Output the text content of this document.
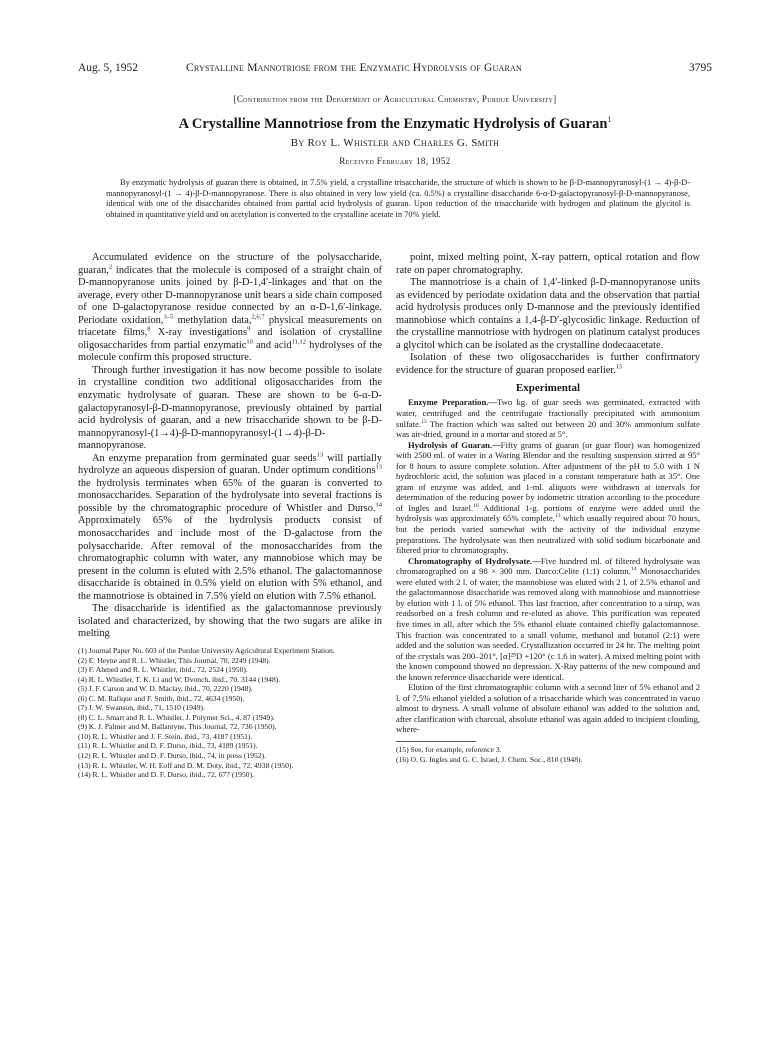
Aug. 5, 1952	Crystalline Mannotriose from the Enzymatic Hydrolysis of Guaran	3795
[Contribution from the Department of Agricultural Chemistry, Purdue University]
A Crystalline Mannotriose from the Enzymatic Hydrolysis of Guaran$^1$
By Roy L. Whistler and Charles G. Smith
Received February 18, 1952

By enzymatic hydrolysis of guaran there is obtained, in 7.5% yield, a crystalline trisaccharide, the structure of which is shown to be β-D-mannopyranosyl-(1 → 4)-β-D-mannopyranosyl-(1 → 4)-β-D-mannopyranose. There is also obtained in very low yield (ca. 0.5%) a crystalline disaccharide 6-α-D-galactopyranosyl-β-D-mannopyranose, identical with one of the disaccharides obtained from partial acid hydrolysis of guaran. Upon reduction of the trisaccharide with hydrogen and platinum the glycitol is obtained in quantitative yield and on acetylation is converted to the crystalline acetate in 70% yield.

Accumulated evidence on the structure of the polysaccharide, guaran,$^2$ indicates that the molecule is composed of a straight chain of D-mannopyranose units joined by β-D-1,4′-linkages and that on the average, every other D-mannopyranose unit bears a side chain composed of one D-galactopyranose residue connected by an α-D-1,6′-linkage. Periodate oxidation,$^{3-5}$ methylation data,$^{2,6,7}$ physical measurements on triacetate films,$^8$ X-ray investigations$^9$ and isolation of crystalline oligosaccharides from partial enzymatic$^{10}$ and acid$^{11,12}$ hydrolyses of the molecule confirm this proposed structure.

Through further investigation it has now become possible to isolate in crystalline condition two additional oligosaccharides from the enzymatic hydrolysate of guaran. These are shown to be 6-α-D-galactopyranosyl-β-D-mannopyranose, previously obtained by partial acid hydrolysis of guaran, and a new trisaccharide shown to be β-D-mannopyranosyl-(1→4)-β-D-mannopyranosyl-(1→4)-β-D-mannopyranose.

An enzyme preparation from germinated guar seeds$^{13}$ will partially hydrolyze an aqueous dispersion of guaran. Under optimum conditions$^{13}$ the hydrolysis terminates when 65% of the guaran is converted to monosaccharides. Separation of the hydrolysate into several fractions is possible by the chromatographic procedure of Whistler and Durso.$^{14}$ Approximately 65% of the hydrolysis products consist of monosaccharides and include most of the D-galactose from the polysaccharide. After removal of the monosaccharides from the chromatographic column with water, any mannobiose which may be present in the column is eluted with 2.5% ethanol. The galactomannose disaccharide is obtained in 0.5% yield on elution with 5% ethanol, and the mannotriose is obtained in 7.5% yield on elution with 7.5% ethanol.

The disaccharide is identified as the galactomannose previously isolated and characterized, by showing that the two sugars are alike in melting

(1) Journal Paper No. 603 of the Purdue University Agricultural Experiment Station.
(2) E. Heyne and R. L. Whistler, This Journal, 70, 2249 (1948).
(3) F. Ahmed and R. L. Whistler, ibid., 72, 2524 (1950).
(4) R. L. Whistler, T. K. Li and W. Dvonch, ibid., 70, 3144 (1948).
(5) J. F. Carson and W. D. Maclay, ibid., 70, 2220 (1948).
(6) C. M. Rafique and F. Smith, ibid., 72, 4634 (1950).
(7) J. W. Swanson, ibid., 71, 1510 (1949).
(8) C. L. Smart and R. L. Whistler, J. Polymer Sci., 4, 87 (1949).
(9) K. J. Palmer and M. Ballantyne, This Journal, 72, 736 (1950).
(10) R. L. Whistler and J. F. Stein, ibid., 73, 4187 (1951).
(11) R. L. Whistler and D. F. Durso, ibid., 73, 4189 (1951).
(12) R. L. Whistler and D. F. Durso, ibid., 74, in press (1952).
(13) R. L. Whistler, W. H. Eoff and D. M. Doty, ibid., 72, 4938 (1950).
(14) R. L. Whistler and D. F. Durso, ibid., 72, 677 (1950).

point, mixed melting point, X-ray pattern, optical rotation and flow rate on paper chromatography.

The mannotriose is a chain of 1,4′-linked β-D-mannopyranose units as evidenced by periodate oxidation data and the observation that partial acid hydrolysis produces only D-mannose and the previously identified mannobiose which contains a 1,4-β-D′-glycosidic linkage. Reduction of the crystalline mannotriose with hydrogen on platinum catalyst produces a glycitol which can be isolated as the crystalline dodecaacetate.

Isolation of these two oligosaccharides is further confirmatory evidence for the structure of guaran proposed earlier.$^{15}$

Experimental

Enzyme Preparation.—Two kg. of guar seeds was germinated, extracted with water, centrifuged and the centrifugate fractionally precipitated with ammonium sulfate.$^{13}$ The fraction which was salted out between 20 and 30% ammonium sulfate was air-dried, ground in a mortar and stored at 5°.

Hydrolysis of Guaran.—Fifty grams of guaran (or guar flour) was homogenized with 2500 ml. of water in a Waring Blendor and the resulting suspension stirred at 95° for 8 hours to assure complete solution. After adjustment of the pH to 5.0 with 1 N hydrochloric acid, the solution was placed in a constant temperature bath at 35°. One gram of enzyme was added, and 1-ml. aliquots were withdrawn at intervals for determination of the reducing power by iodometric titration according to the procedure of Ingles and Israel.$^{16}$ Additional 1-g. portions of enzyme were added until the hydrolysis was approximately 65% complete,$^{13}$ which usually required about 70 hours, but the periods varied somewhat with the activity of the individual enzyme preparations. The hydrolysate was then neutralized with solid sodium bicarbonate and filtered prior to chromatography.

Chromatography of Hydrolysate.—Five hundred ml. of filtered hydrolysate was chromatographed on a 98 × 300 mm. Darco:Celite (1:1) column.$^{14}$ Monosaccharides were eluted with 2 l. of water, the mannobiose was eluted with 2 l. of 2.5% ethanol and the galactomannose disaccharide was removed along with mannobiose and mannotriose by elution with 1 l. of 5% ethanol. This last fraction, after concentration to a sirup, was readsorbed on a fresh column and re-eluted as above. This purification was repeated five times in all, after which the 5% ethanol eluate contained chiefly galactomannose. This fraction was concentrated to a small volume, methanol and butanol (2:1) were added and the solution was seeded. Crystallization occurred in 24 hr. The melting point of the crystals was 200–201°, [α]²⁵D +120° (c 1.6 in water). A mixed melting point with the known compound showed no depression. X-Ray patterns of the new compound and the known reference disaccharide were identical.

Elution of the first chromatographic column with a second liter of 5% ethanol and 2 l. of 7.5% ethanol yielded a solution of a trisaccharide which was concentrated in vacuo almost to dryness. A small volume of absolute ethanol was added to the solution and, after clarification with charcoal, absolute ethanol was again added to incipient clouding, where-

(15) See, for example, reference 3.
(16) O. G. Ingles and G. C. Israel, J. Chem. Soc., 810 (1948).
